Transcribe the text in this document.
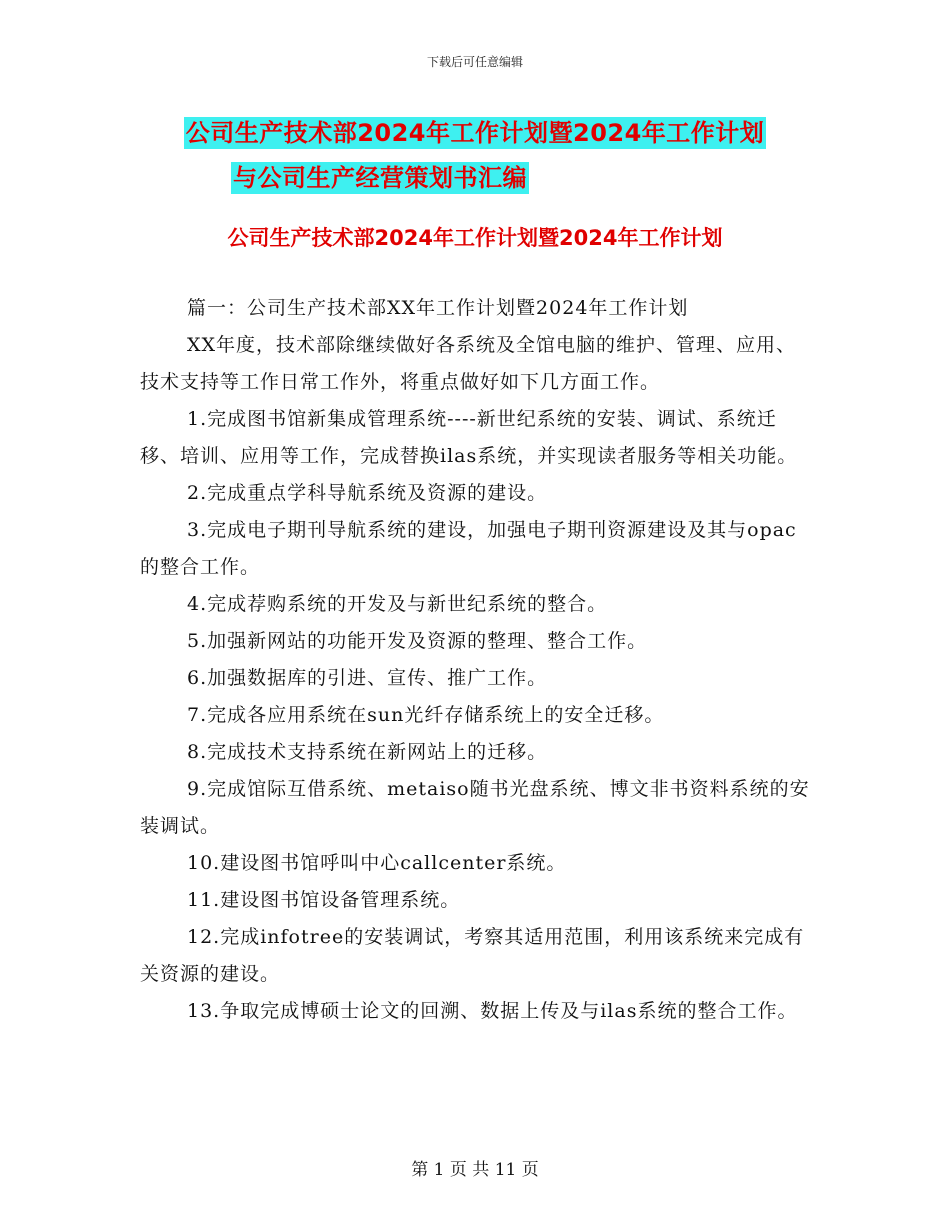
下载后可任意编辑
公司生产技术部2024年工作计划暨2024年工作计划
与公司生产经营策划书汇编
公司生产技术部2024年工作计划暨2024年工作计划

篇一：公司生产技术部XX年工作计划暨2024年工作计划

XX年度，技术部除继续做好各系统及全馆电脑的维护、管理、应用、技术支持等工作日常工作外，将重点做好如下几方面工作。

1.完成图书馆新集成管理系统----新世纪系统的安装、调试、系统迁移、培训、应用等工作，完成替换ilas系统，并实现读者服务等相关功能。

2.完成重点学科导航系统及资源的建设。

3.完成电子期刊导航系统的建设，加强电子期刊资源建设及其与opac的整合工作。

4.完成荐购系统的开发及与新世纪系统的整合。

5.加强新网站的功能开发及资源的整理、整合工作。

6.加强数据库的引进、宣传、推广工作。

7.完成各应用系统在sun光纤存储系统上的安全迁移。

8.完成技术支持系统在新网站上的迁移。

9.完成馆际互借系统、metaiso随书光盘系统、博文非书资料系统的安装调试。

10.建设图书馆呼叫中心callcenter系统。

11.建设图书馆设备管理系统。

12.完成infotree的安装调试，考察其适用范围，利用该系统来完成有关资源的建设。

13.争取完成博硕士论文的回溯、数据上传及与ilas系统的整合工作。

第 1 页 共 11 页
